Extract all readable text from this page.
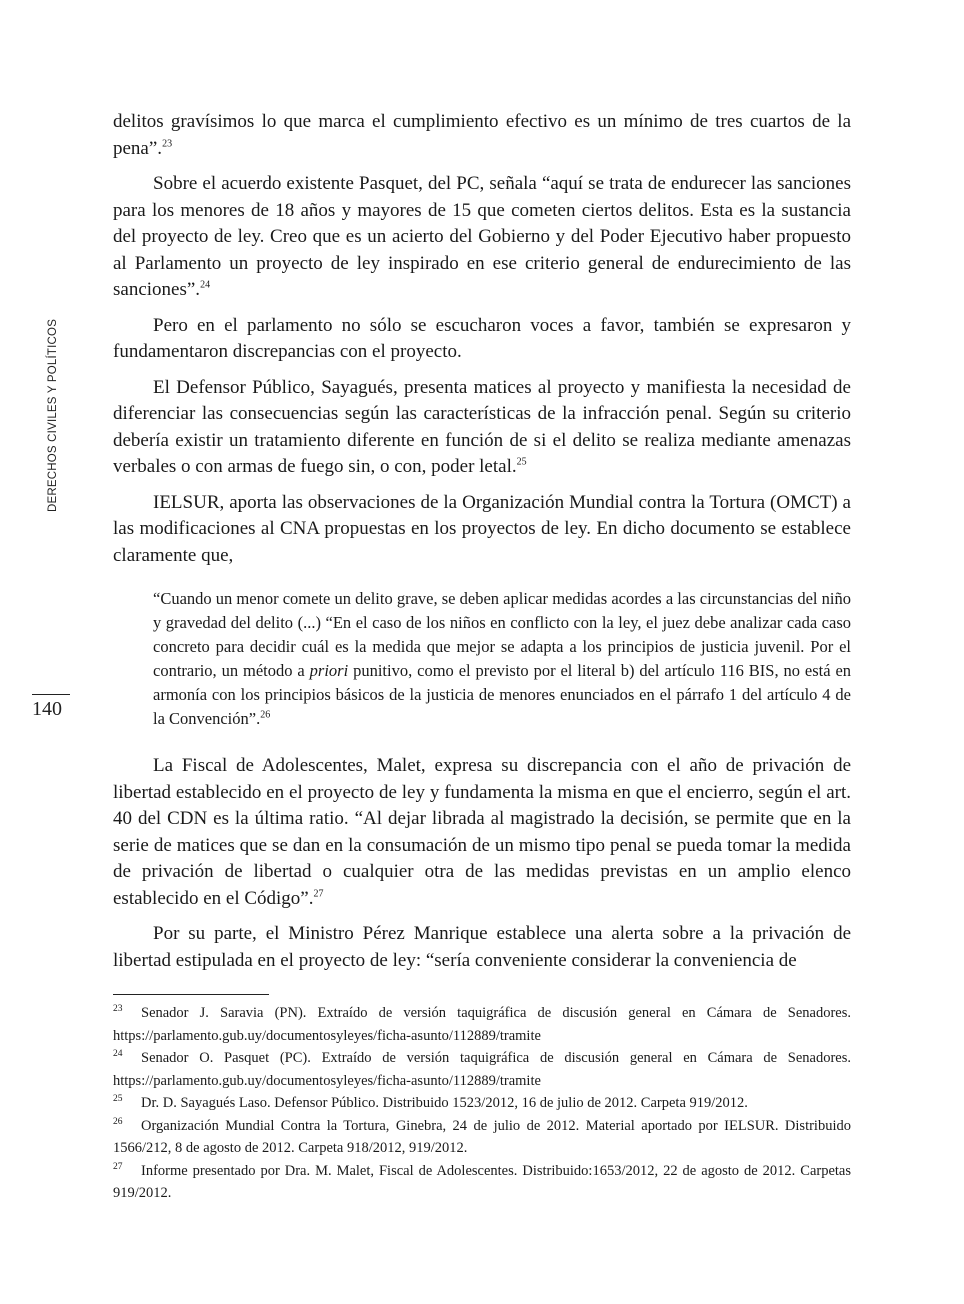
DERECHOS CIVILES Y POLÍTICOS
140

delitos gravísimos lo que marca el cumplimiento efectivo es un mínimo de tres cuartos de la pena”.$^{23}$

Sobre el acuerdo existente Pasquet, del PC, señala “aquí se trata de endurecer las sanciones para los menores de 18 años y mayores de 15 que cometen ciertos delitos. Esta es la sustancia del proyecto de ley. Creo que es un acierto del Gobierno y del Poder Ejecutivo haber propuesto al Parlamento un proyecto de ley inspirado en ese criterio general de endurecimiento de las sanciones”.$^{24}$

Pero en el parlamento no sólo se escucharon voces a favor, también se expresaron y fundamentaron discrepancias con el proyecto.

El Defensor Público, Sayagués, presenta matices al proyecto y manifiesta la necesidad de diferenciar las consecuencias según las características de la infracción penal. Según su criterio debería existir un tratamiento diferente en función de si el delito se realiza mediante amenazas verbales o con armas de fuego sin, o con, poder letal.$^{25}$

IELSUR, aporta las observaciones de la Organización Mundial contra la Tortura (OMCT) a las modificaciones al CNA propuestas en los proyectos de ley. En dicho documento se establece claramente que,

“Cuando un menor comete un delito grave, se deben aplicar medidas acordes a las circunstancias del niño y gravedad del delito (...) “En el caso de los niños en conflicto con la ley, el juez debe analizar cada caso concreto para decidir cuál es la medida que mejor se adapta a los principios de justicia juvenil. Por el contrario, un método a priori punitivo, como el previsto por el literal b) del artículo 116 BIS, no está en armonía con los principios básicos de la justicia de menores enunciados en el párrafo 1 del artículo 4 de la Convención”.$^{26}$

La Fiscal de Adolescentes, Malet, expresa su discrepancia con el año de privación de libertad establecido en el proyecto de ley y fundamenta la misma en que el encierro, según el art. 40 del CDN es la última ratio. “Al dejar librada al magistrado la decisión, se permite que en la serie de matices que se dan en la consumación de un mismo tipo penal se pueda tomar la medida de privación de libertad o cualquier otra de las medidas previstas en un amplio elenco establecido en el Código”.$^{27}$

Por su parte, el Ministro Pérez Manrique establece una alerta sobre a la privación de libertad estipulada en el proyecto de ley: “sería conveniente considerar la conveniencia de

23 Senador J. Saravia (PN). Extraído de versión taquigráfica de discusión general en Cámara de Senadores. https://parlamento.gub.uy/documentosyleyes/ficha-asunto/112889/tramite

24 Senador O. Pasquet (PC). Extraído de versión taquigráfica de discusión general en Cámara de Senadores. https://parlamento.gub.uy/documentosyleyes/ficha-asunto/112889/tramite

25 Dr. D. Sayagués Laso. Defensor Público. Distribuido 1523/2012, 16 de julio de 2012. Carpeta 919/2012.

26 Organización Mundial Contra la Tortura, Ginebra, 24 de julio de 2012. Material aportado por IELSUR. Distribuido 1566/212, 8 de agosto de 2012. Carpeta 918/2012, 919/2012.

27 Informe presentado por Dra. M. Malet, Fiscal de Adolescentes. Distribuido:1653/2012, 22 de agosto de 2012. Carpetas 919/2012.
